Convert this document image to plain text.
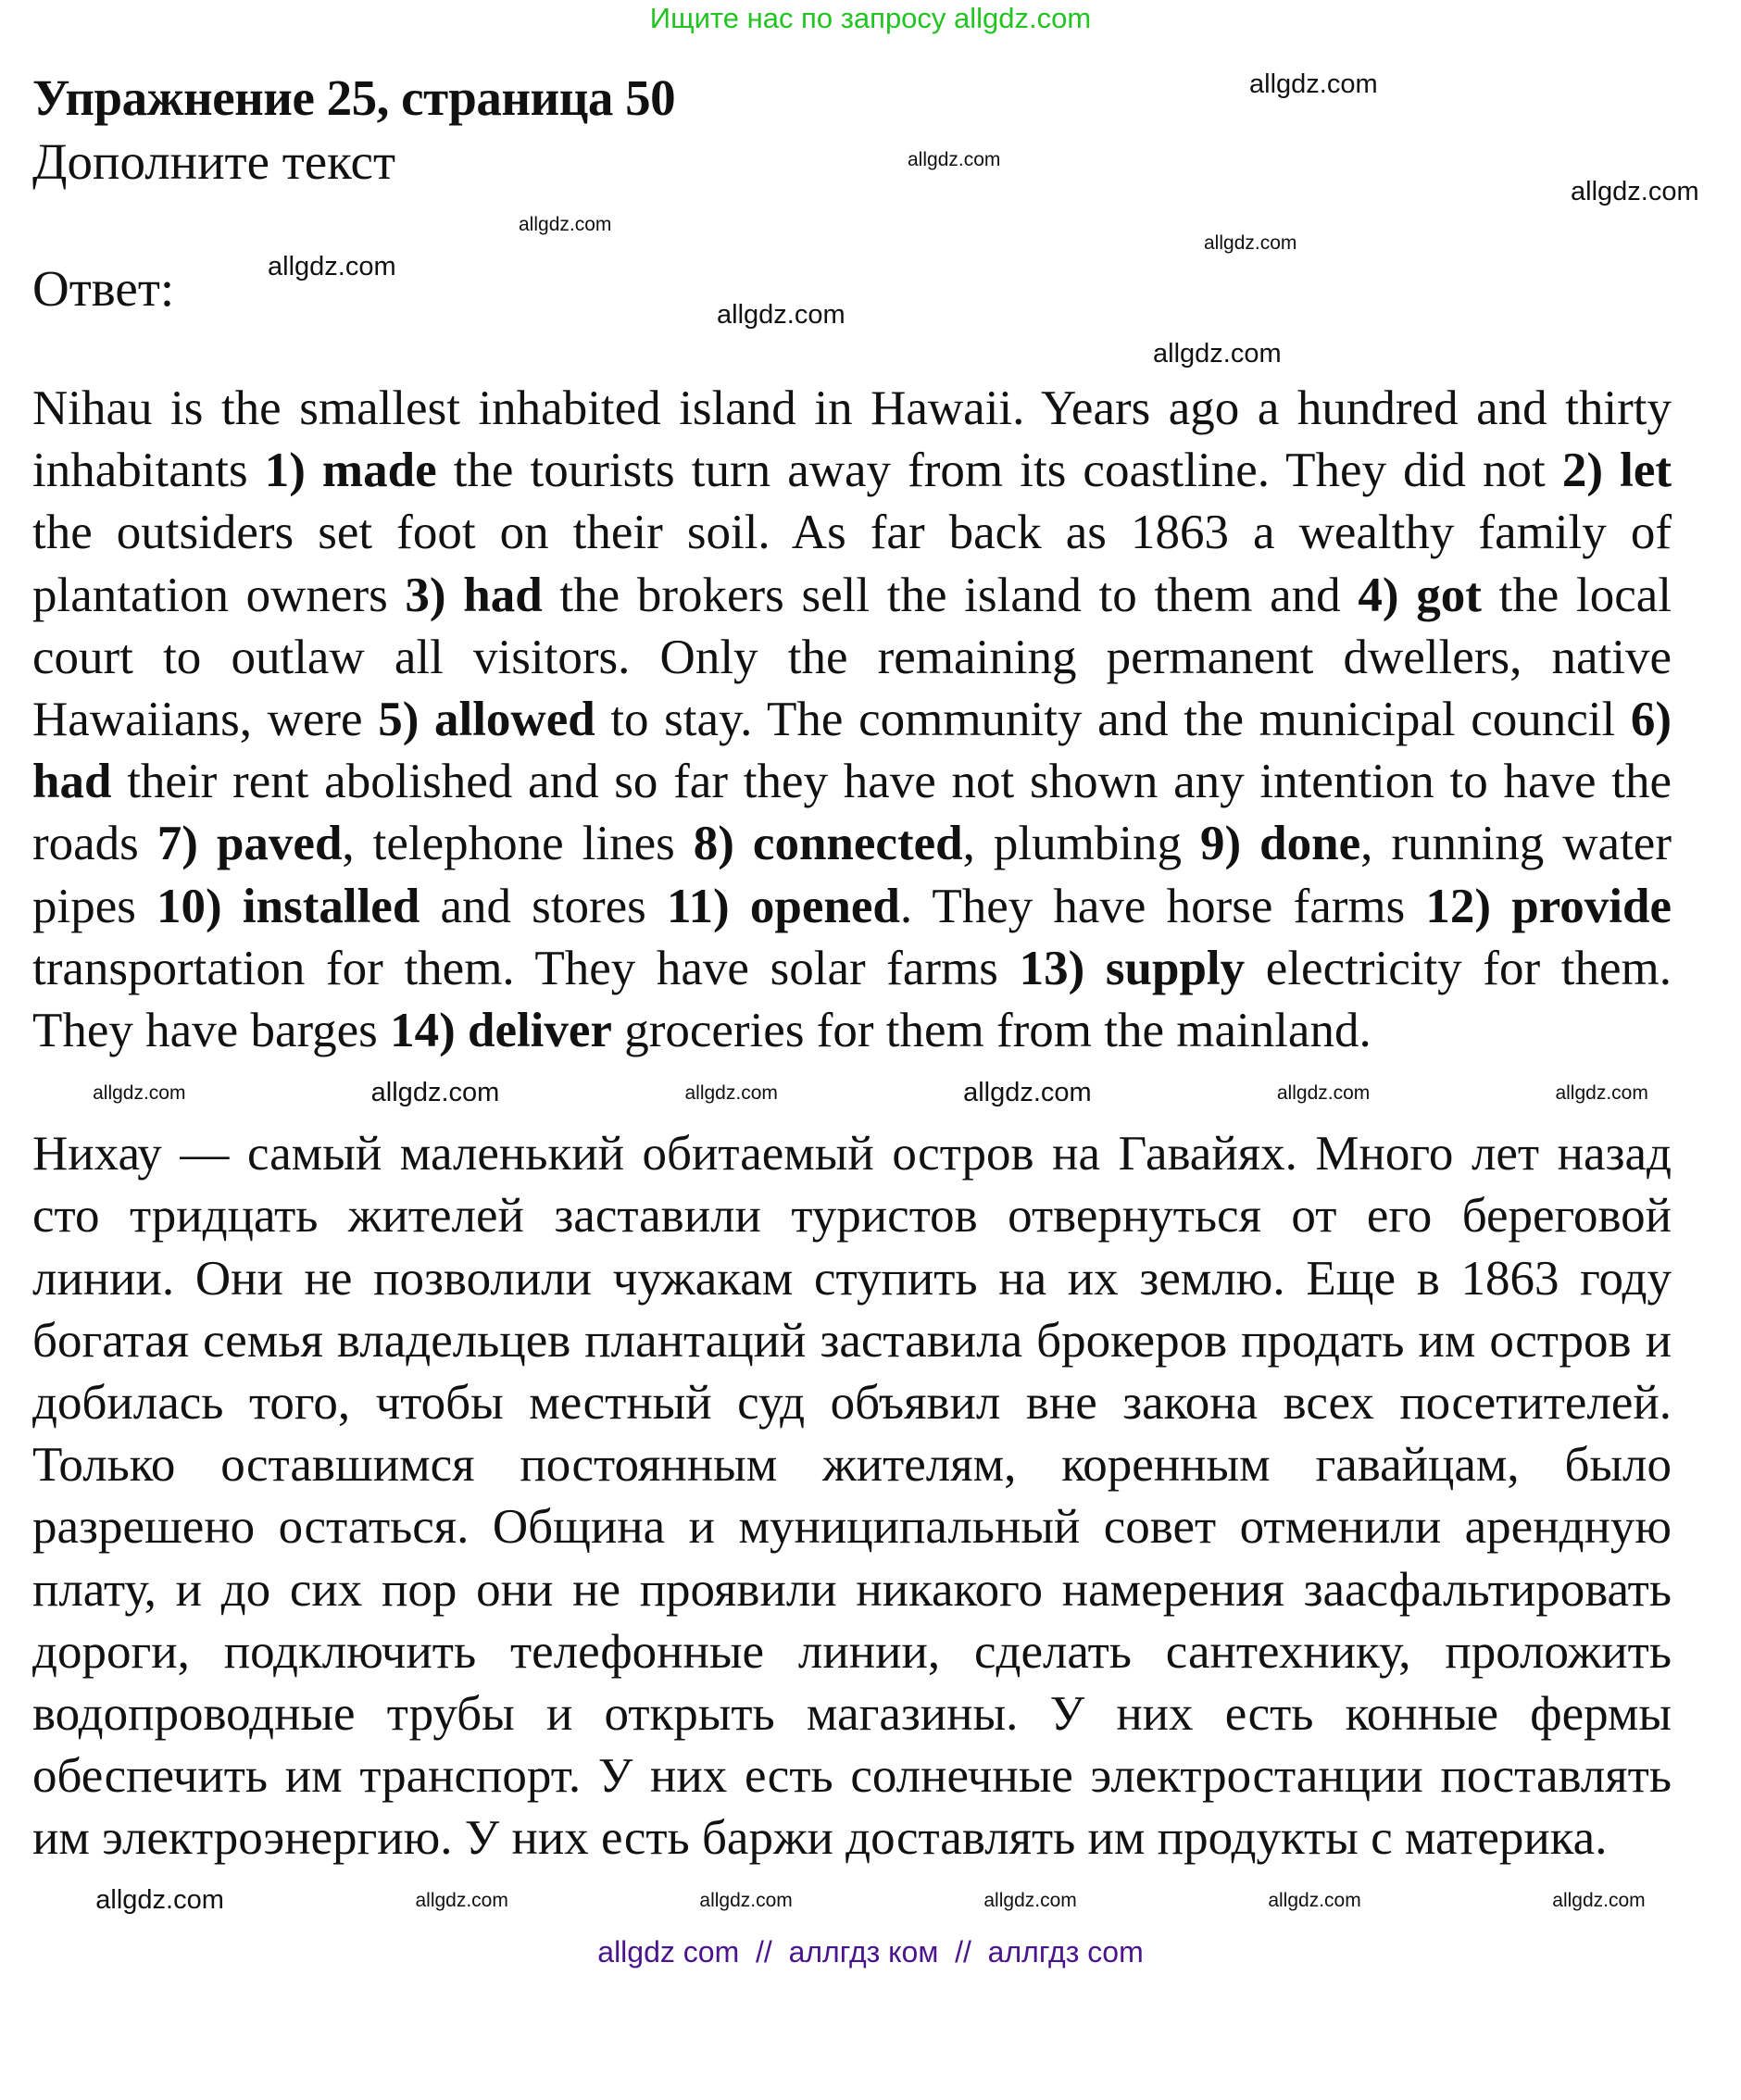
Ищите нас по запросу allgdz.com
Упражнение 25, страница 50
Дополните текст
Ответ:
allgdz.com
allgdz.com
allgdz.com
allgdz.com
allgdz.com
allgdz.com
allgdz.com
allgdz.com
Nihau is the smallest inhabited island in Hawaii. Years ago a hundred and thirty inhabitants 1) made the tourists turn away from its coastline. They did not 2) let the outsiders set foot on their soil. As far back as 1863 a wealthy family of plantation owners 3) had the brokers sell the island to them and 4) got the local court to outlaw all visitors. Only the remaining permanent dwellers, native Hawaiians, were 5) allowed to stay. The community and the municipal council 6) had their rent abolished and so far they have not shown any intention to have the roads 7) paved, telephone lines 8) connected, plumbing 9) done, running water pipes 10) installed and stores 11) opened. They have horse farms 12) provide transportation for them. They have solar farms 13) supply electricity for them. They have barges 14) deliver groceries for them from the mainland.
allgdz.com	allgdz.com	allgdz.com	allgdz.com	allgdz.com	allgdz.com
Нихау — самый маленький обитаемый остров на Гавайях. Много лет назад сто тридцать жителей заставили туристов отвернуться от его береговой линии. Они не позволили чужакам ступить на их землю. Еще в 1863 году богатая семья владельцев плантаций заставила брокеров продать им остров и добилась того, чтобы местный суд объявил вне закона всех посетителей. Только оставшимся постоянным жителям, коренным гавайцам, было разрешено остаться. Община и муниципальный совет отменили арендную плату, и до сих пор они не проявили никакого намерения заасфальтировать дороги, подключить телефонные линии, сделать сантехнику, проложить водопроводные трубы и открыть магазины. У них есть конные фермы обеспечить им транспорт. У них есть солнечные электростанции поставлять им электроэнергию. У них есть баржи доставлять им продукты с материка.
allgdz.com	allgdz.com	allgdz.com	allgdz.com	allgdz.com	allgdz.com
allgdz com  //  аллгдз ком  //  аллгдз com
